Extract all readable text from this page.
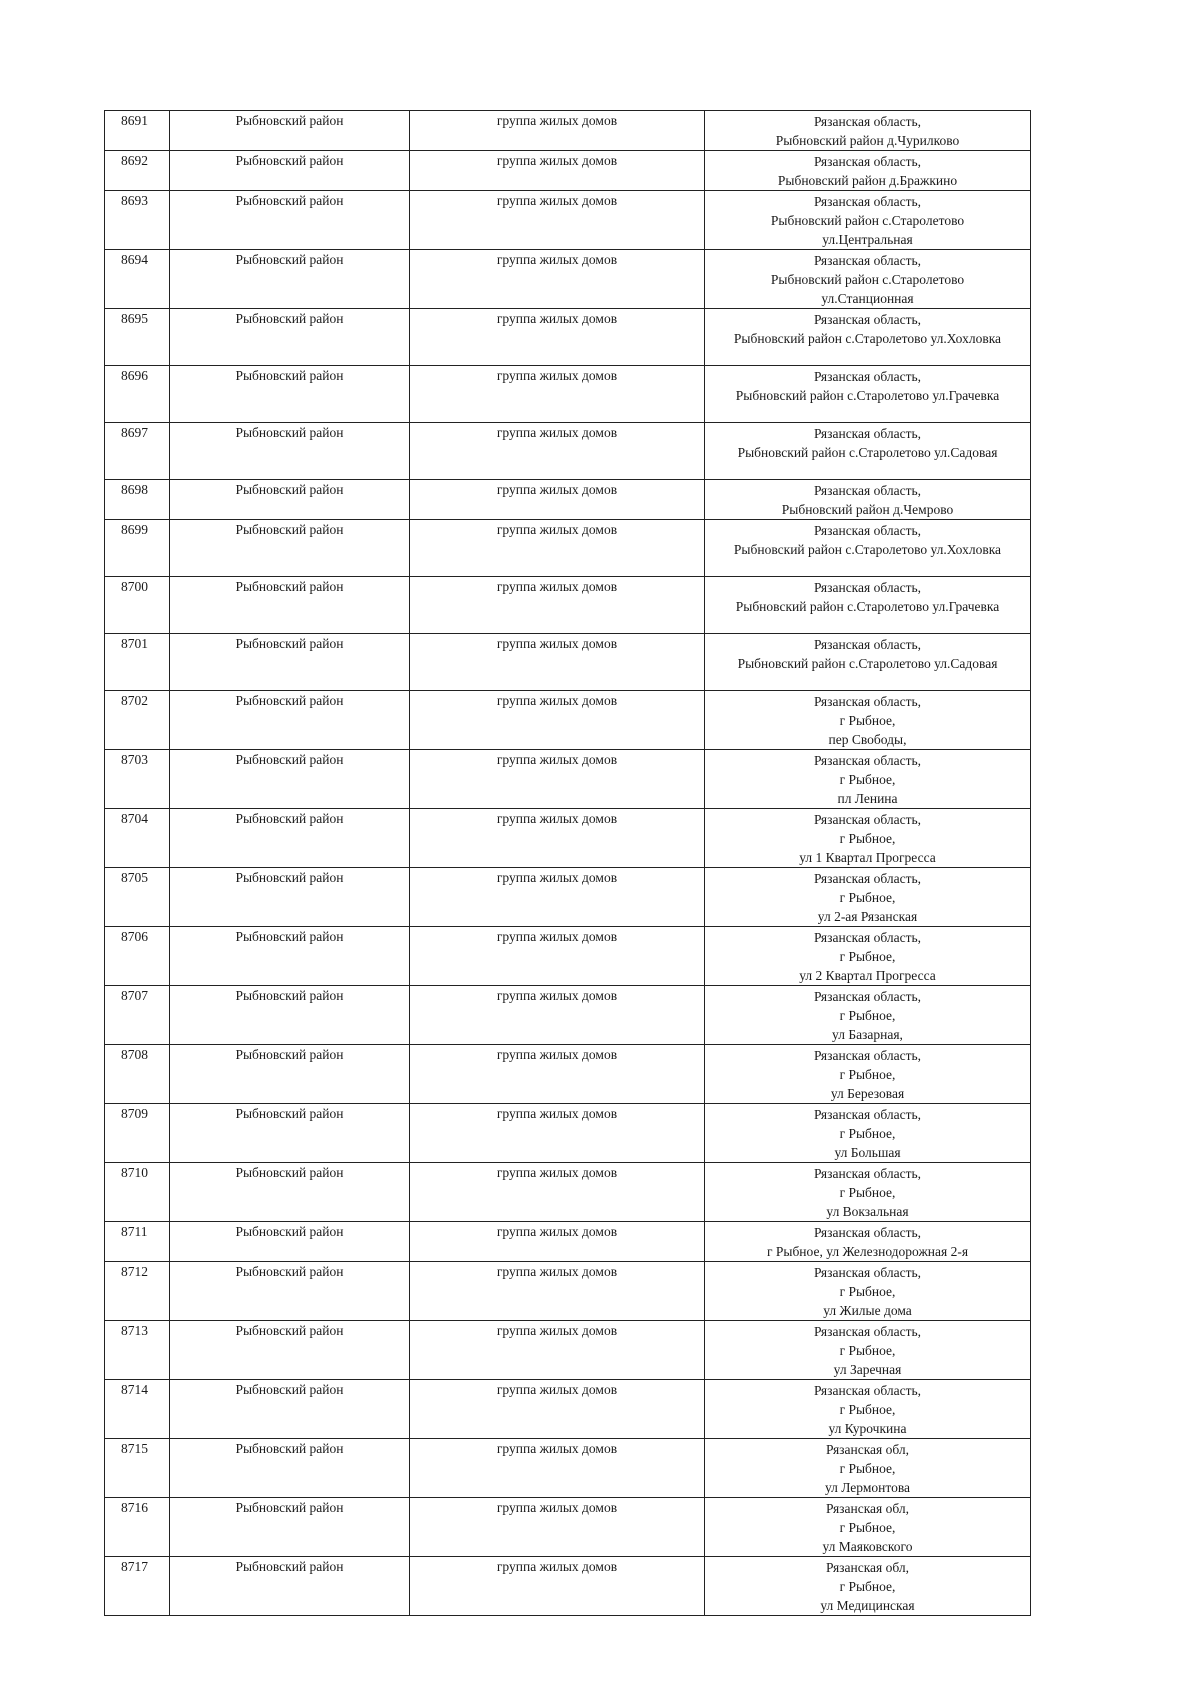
8691	Рыбновский район	группа жилых домов	Рязанская область,
Рыбновский район д.Чурилково

8692	Рыбновский район	группа жилых домов	Рязанская область,
Рыбновский район д.Бражкино

8693	Рыбновский район	группа жилых домов	Рязанская область,
Рыбновский район с.Старолетово
ул.Центральная

8694	Рыбновский район	группа жилых домов	Рязанская область,
Рыбновский район с.Старолетово
ул.Станционная

8695	Рыбновский район	группа жилых домов	Рязанская область,
Рыбновский район с.Старолетово ул.Хохловка

8696	Рыбновский район	группа жилых домов	Рязанская область,
Рыбновский район с.Старолетово ул.Грачевка

8697	Рыбновский район	группа жилых домов	Рязанская область,
Рыбновский район с.Старолетово ул.Садовая

8698	Рыбновский район	группа жилых домов	Рязанская область,
Рыбновский район д.Чемрово

8699	Рыбновский район	группа жилых домов	Рязанская область,
Рыбновский район с.Старолетово ул.Хохловка

8700	Рыбновский район	группа жилых домов	Рязанская область,
Рыбновский район с.Старолетово ул.Грачевка

8701	Рыбновский район	группа жилых домов	Рязанская область,
Рыбновский район с.Старолетово ул.Садовая

8702	Рыбновский район	группа жилых домов	Рязанская область,
г Рыбное,
пер Свободы,

8703	Рыбновский район	группа жилых домов	Рязанская область,
г Рыбное,
пл Ленина

8704	Рыбновский район	группа жилых домов	Рязанская область,
г Рыбное,
ул 1 Квартал Прогресса

8705	Рыбновский район	группа жилых домов	Рязанская область,
г Рыбное,
ул 2-ая Рязанская

8706	Рыбновский район	группа жилых домов	Рязанская область,
г Рыбное,
ул 2 Квартал Прогресса

8707	Рыбновский район	группа жилых домов	Рязанская область,
г Рыбное,
ул Базарная,

8708	Рыбновский район	группа жилых домов	Рязанская область,
г Рыбное,
ул Березовая

8709	Рыбновский район	группа жилых домов	Рязанская область,
г Рыбное,
ул Большая

8710	Рыбновский район	группа жилых домов	Рязанская область,
г Рыбное,
ул Вокзальная

8711	Рыбновский район	группа жилых домов	Рязанская область,
г Рыбное, ул Железнодорожная 2-я

8712	Рыбновский район	группа жилых домов	Рязанская область,
г Рыбное,
ул Жилые дома

8713	Рыбновский район	группа жилых домов	Рязанская область,
г Рыбное,
ул Заречная

8714	Рыбновский район	группа жилых домов	Рязанская область,
г Рыбное,
ул Курочкина

8715	Рыбновский район	группа жилых домов	Рязанская обл,
г Рыбное,
ул Лермонтова

8716	Рыбновский район	группа жилых домов	Рязанская обл,
г Рыбное,
ул Маяковского

8717	Рыбновский район	группа жилых домов	Рязанская обл,
г Рыбное,
ул Медицинская
